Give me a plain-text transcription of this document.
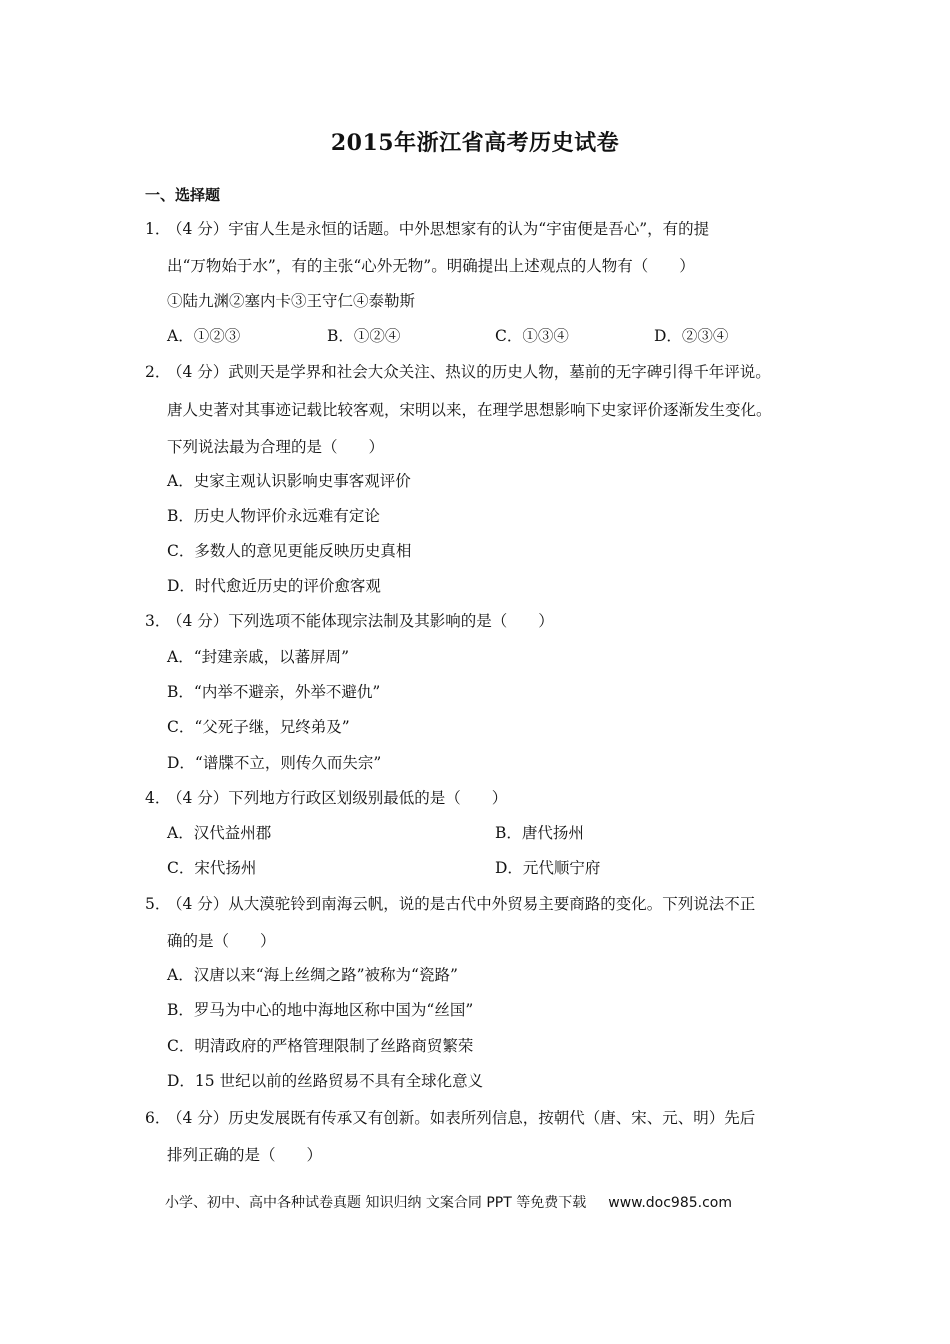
2015年浙江省高考历史试卷
一、选择题
1．（4 分）宇宙人生是永恒的话题。中外思想家有的认为“宇宙便是吾心”，有的提
出“万物始于水”，有的主张“心外无物”。明确提出上述观点的人物有（　　）
①陆九渊②塞内卡③王守仁④泰勒斯
A．①②③	B．①②④	C．①③④	D．②③④
2．（4 分）武则天是学界和社会大众关注、热议的历史人物，墓前的无字碑引得千年评说。
唐人史著对其事迹记载比较客观，宋明以来，在理学思想影响下史家评价逐渐发生变化。
下列说法最为合理的是（　　）
A．史家主观认识影响史事客观评价
B．历史人物评价永远难有定论
C．多数人的意见更能反映历史真相
D．时代愈近历史的评价愈客观
3．（4 分）下列选项不能体现宗法制及其影响的是（　　）
A．“封建亲戚，以蕃屏周”
B．“内举不避亲，外举不避仇”
C．“父死子继，兄终弟及”
D．“谱牒不立，则传久而失宗”
4．（4 分）下列地方行政区划级别最低的是（　　）
A．汉代益州郡	B．唐代扬州
C．宋代扬州	D．元代顺宁府
5．（4 分）从大漠驼铃到南海云帆，说的是古代中外贸易主要商路的变化。下列说法不正
确的是（　　）
A．汉唐以来“海上丝绸之路”被称为“瓷路”
B．罗马为中心的地中海地区称中国为“丝国”
C．明清政府的严格管理限制了丝路商贸繁荣
D．15 世纪以前的丝路贸易不具有全球化意义
6．（4 分）历史发展既有传承又有创新。如表所列信息，按朝代（唐、宋、元、明）先后
排列正确的是（　　）
小学、初中、高中各种试卷真题 知识归纳 文案合同 PPT 等免费下载 www.doc985.com
